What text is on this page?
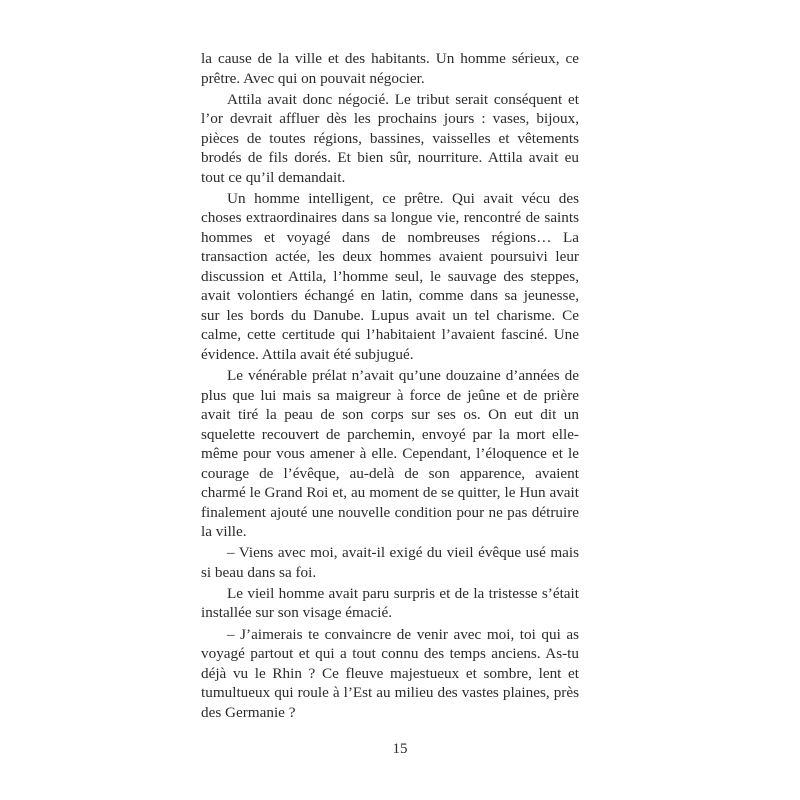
la cause de la ville et des habitants. Un homme sérieux, ce prêtre. Avec qui on pouvait négocier.

Attila avait donc négocié. Le tribut serait conséquent et l’or devrait affluer dès les prochains jours : vases, bijoux, pièces de toutes régions, bassines, vaisselles et vêtements brodés de fils dorés. Et bien sûr, nourriture. Attila avait eu tout ce qu’il demandait.

Un homme intelligent, ce prêtre. Qui avait vécu des choses extraordinaires dans sa longue vie, rencontré de saints hommes et voyagé dans de nombreuses régions… La transaction actée, les deux hommes avaient poursuivi leur discussion et Attila, l’homme seul, le sauvage des steppes, avait volontiers échangé en latin, comme dans sa jeunesse, sur les bords du Danube. Lupus avait un tel charisme. Ce calme, cette certitude qui l’habitaient l’avaient fasciné. Une évidence. Attila avait été subjugué.

Le vénérable prélat n’avait qu’une douzaine d’années de plus que lui mais sa maigreur à force de jeûne et de prière avait tiré la peau de son corps sur ses os. On eut dit un squelette recouvert de parchemin, envoyé par la mort elle-même pour vous amener à elle. Cependant, l’éloquence et le courage de l’évêque, au-delà de son apparence, avaient charmé le Grand Roi et, au moment de se quitter, le Hun avait finalement ajouté une nouvelle condition pour ne pas détruire la ville.

– Viens avec moi, avait-il exigé du vieil évêque usé mais si beau dans sa foi.

Le vieil homme avait paru surpris et de la tristesse s’était installée sur son visage émacié.

– J’aimerais te convaincre de venir avec moi, toi qui as voyagé partout et qui a tout connu des temps anciens. As-tu déjà vu le Rhin ? Ce fleuve majestueux et sombre, lent et tumultueux qui roule à l’Est au milieu des vastes plaines, près des Germanie ?

15
